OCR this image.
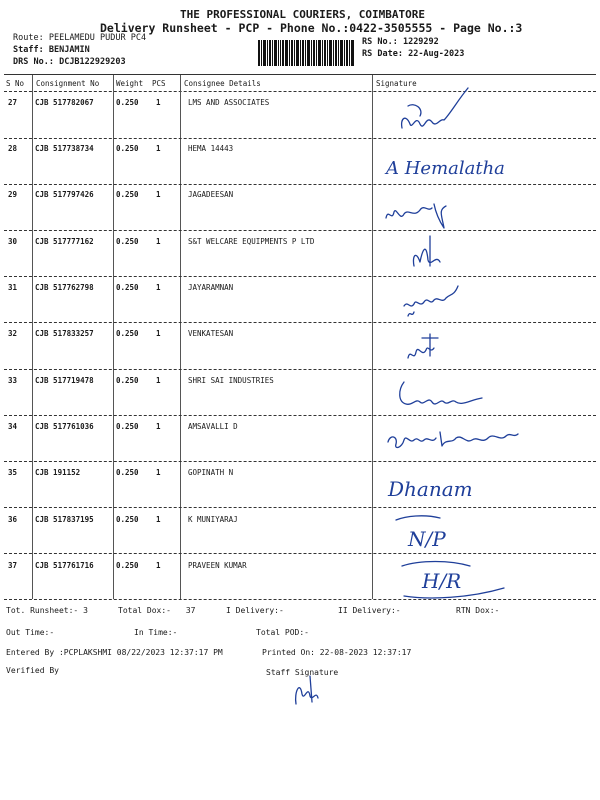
THE PROFESSIONAL COURIERS, COIMBATORE
Delivery Runsheet - PCP - Phone No.:0422-3505555 - Page No.:3
Route: PEELAMEDU PUDUR PC4
Staff: BENJAMIN
DRS No.: DCJB122929203
RS No.: 1229292
RS Date: 22-Aug-2023
S No Consignment No Weight PCS Consignee Details	Signature
27 CJB 517782067	0.250 1	LMS AND ASSOCIATES
28 CJB 517738734	0.250 1	HEMA 14443
29 CJB 517797426	0.250 1	JAGADEESAN
30 CJB 517777162	0.250 1	S&T WELCARE EQUIPMENTS P LTD
31 CJB 517762798	0.250 1	JAYARAMNAN
32 CJB 517833257	0.250 1	VENKATESAN
33 CJB 517719478	0.250 1	SHRI SAI INDUSTRIES
34 CJB 517761036	0.250 1	AMSAVALLI D
35 CJB 191152	0.250 1	GOPINATH N
36 CJB 517837195	0.250 1	K MUNIYARAJ
37 CJB 517761716	0.250 1	PRAVEEN KUMAR
A Hemalatha
Dhanam
N/P
H/R
Tot. Runsheet:- 3	Total Dox:- 37	I Delivery:-	II Delivery:-	RTN Dox:-
Out Time:-	In Time:-	Total POD:-
Entered By :PCPLAKSHMI 08/22/2023 12:37:17 PM	Printed On: 22-08-2023 12:37:17
Verified By	Staff Signature
